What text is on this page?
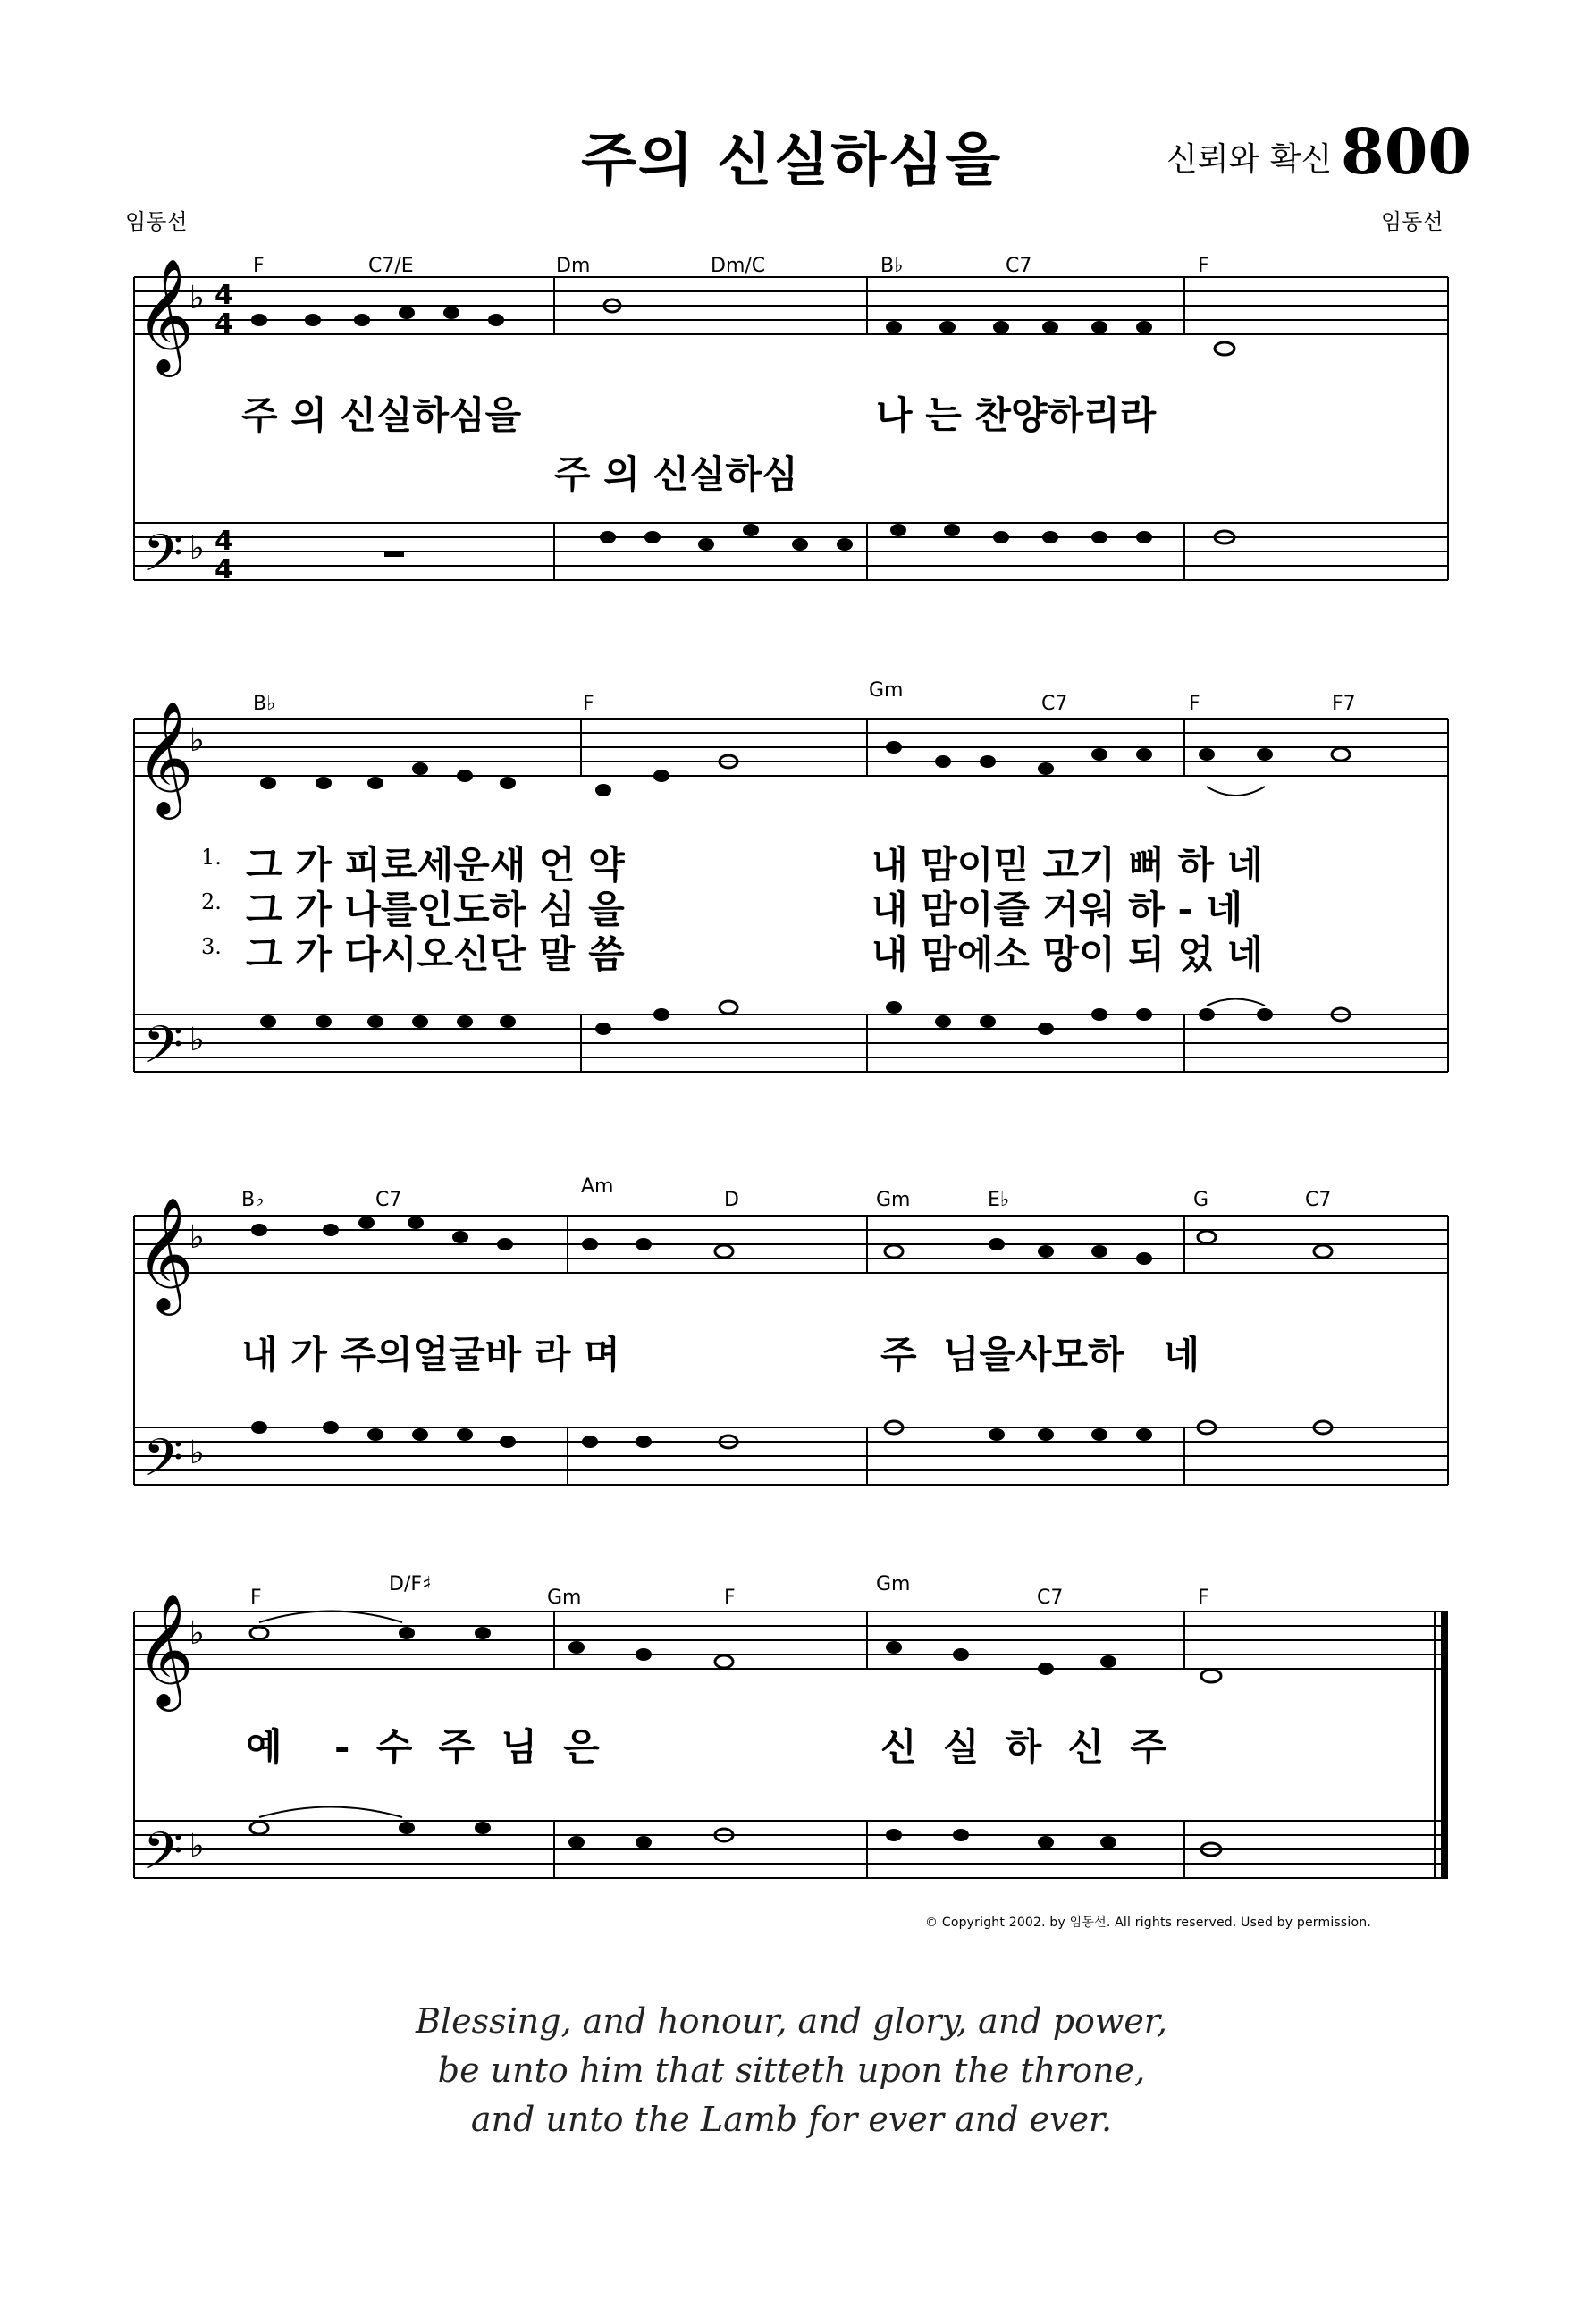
주의 신실하심을	신뢰와 확신 800
임동선	임동선
𝄞
𝄢
♭
♭
4
4
4
4
F	C7/E	Dm	Dm/C	B♭	C7	F
주 의 신실하심을	나 는 찬양하리라
주 의 신실하심
𝄞
𝄢
♭
♭
B♭	F
Gm
C7	F	F7
1. 그 가 피로세운새 언 약	내 맘이믿 고기 뻐 하 네
2. 그 가 나를인도하 심 을	내 맘이즐 거워 하 - 네
3. 그 가 다시오신단 말 씀	내 맘에소 망이 되 었 네
𝄞
𝄢
♭
♭
B♭	C7
Am
D	Gm	E♭	G	C7
내 가 주의얼굴바 라 며	주  님을사모하   네
𝄞
𝄢
♭
♭
F
D/F♯
Gm	F
Gm
C7	F
예    -  수  주  님  은	신  실  하  신  주
© Copyright 2002. by 임동선. All rights reserved. Used by permission.
Blessing, and honour, and glory, and power,
be unto him that sitteth upon the throne,
and unto the Lamb for ever and ever.
